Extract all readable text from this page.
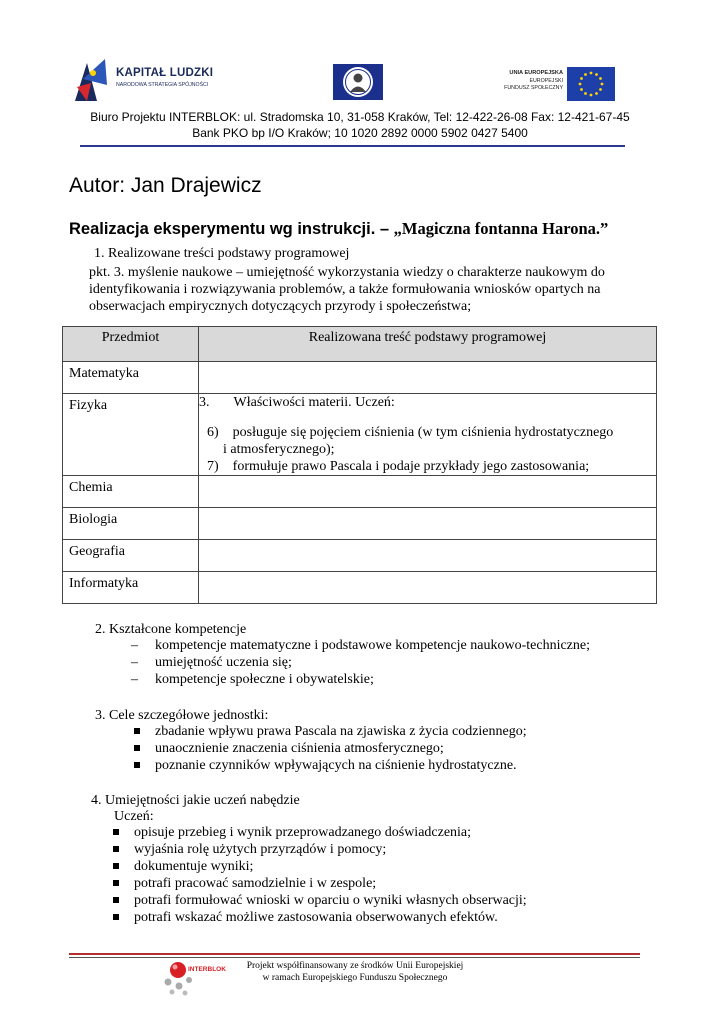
KAPITAŁ LUDZKI
NARODOWA STRATEGIA SPÓJNOŚCI
UNIA EUROPEJSKA
EUROPEJSKI
FUNDUSZ SPOŁECZNY
Biuro Projektu INTERBLOK: ul. Stradomska 10, 31-058 Kraków, Tel: 12-422-26-08 Fax: 12-421-67-45
Bank PKO bp I/O Kraków; 10 1020 2892 0000 5902 0427 5400
Autor: Jan Drajewicz
Realizacja eksperymentu wg instrukcji. – „Magiczna fontanna Harona.”
1. Realizowane treści podstawy programowej
pkt. 3. myślenie naukowe – umiejętność wykorzystania wiedzy o charakterze naukowym do
identyfikowania i rozwiązywania problemów, a także formułowania wniosków opartych na
obserwacjach empirycznych dotyczących przyrody i społeczeństwa;
Przedmiot	Realizowana treść podstawy programowej
Matematyka	
Fizyka	3. Właściwości materii. Uczeń:
6) posługuje się pojęciem ciśnienia (w tym ciśnienia hydrostatycznego
i atmosferycznego);
7) formułuje prawo Pascala i podaje przykłady jego zastosowania;

Chemia	
Biologia	
Geografia	
Informatyka	
2. Kształcone kompetencje
– kompetencje matematyczne i podstawowe kompetencje naukowo-techniczne;
– umiejętność uczenia się;
– kompetencje społeczne i obywatelskie;
3. Cele szczegółowe jednostki:
zbadanie wpływu prawa Pascala na zjawiska z życia codziennego;
unaocznienie znaczenia ciśnienia atmosferycznego;
poznanie czynników wpływających na ciśnienie hydrostatyczne.
4. Umiejętności jakie uczeń nabędzie
Uczeń:
opisuje przebieg i wynik przeprowadzanego doświadczenia;
wyjaśnia rolę użytych przyrządów i pomocy;
dokumentuje wyniki;
potrafi pracować samodzielnie i w zespole;
potrafi formułować wnioski w oparciu o wyniki własnych obserwacji;
potrafi wskazać możliwe zastosowania obserwowanych efektów.
INTERBLOK	Projekt współfinansowany ze środków Unii Europejskiej
w ramach Europejskiego Funduszu Społecznego
